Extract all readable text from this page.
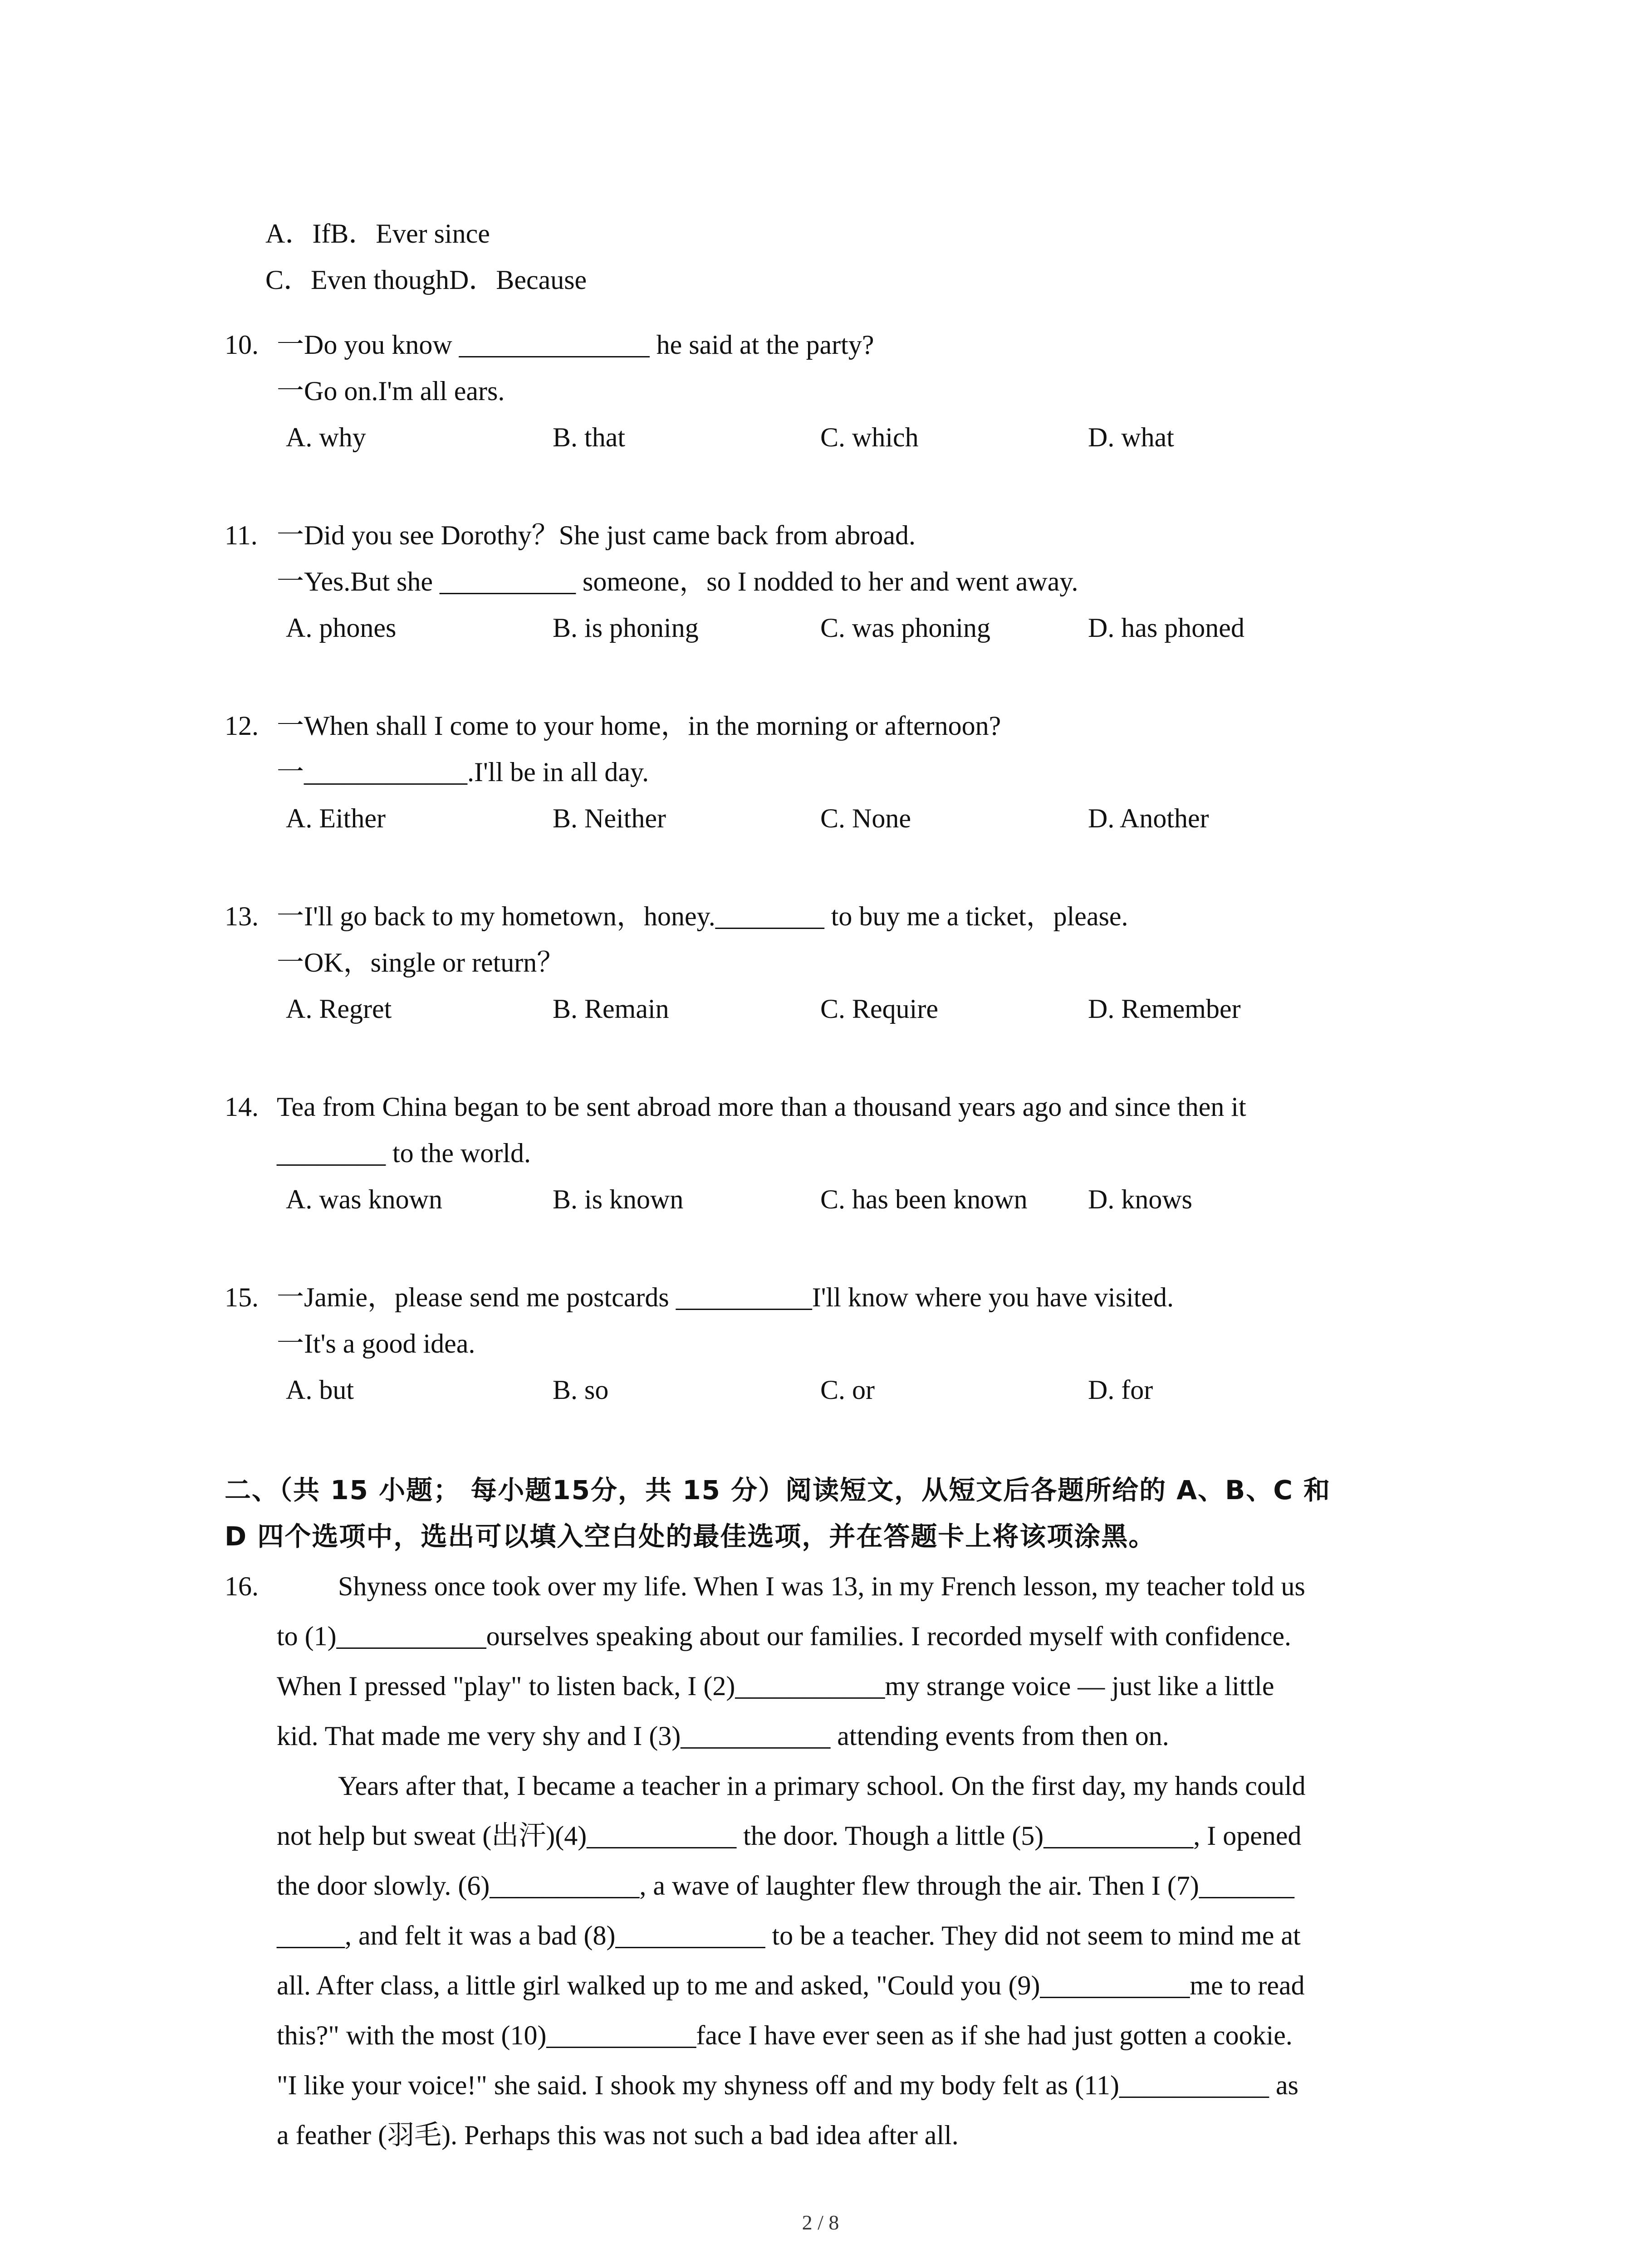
A．IfB．Ever since
C．Even thoughD．Because
10. 一Do you know ______________ he said at the party?
一Go on.I'm all ears.
A. why	B. that	C. which	D. what
11. 一Did you see Dorothy？She just came back from abroad.
一Yes.But she __________ someone，so I nodded to her and went away.
A. phones	B. is phoning	C. was phoning	D. has phoned
12. 一When shall I come to your home，in the morning or afternoon?
一____________.I'll be in all day.
A. Either	B. Neither	C. None	D. Another
13. 一I'll go back to my hometown，honey.________ to buy me a ticket，please.
一OK，single or return？
A. Regret	B. Remain	C. Require	D. Remember
14. Tea from China began to be sent abroad more than a thousand years ago and since then it
________ to the world.
A. was known	B. is known	C. has been known D. knows
15. 一Jamie，please send me postcards __________I'll know where you have visited.
一It's a good idea.
A. but	B. so	C. or	D. for
二、（共 15 小题； 每小题15分，共 15 分）阅读短文，从短文后各题所给的 A、B、C 和
D 四个选项中，选出可以填入空白处的最佳选项，并在答题卡上将该项涂黑。
16.	Shyness once took over my life. When I was 13, in my French lesson, my teacher told us
to (1)___________ourselves speaking about our families. I recorded myself with confidence.
When I pressed "play" to listen back, I (2)___________my strange voice — just like a little
kid. That made me very shy and I (3)___________ attending events from then on.
Years after that, I became a teacher in a primary school. On the first day, my hands could
not help but sweat (出汗)(4)___________ the door. Though a little (5)___________, I opened
the door slowly. (6)___________, a wave of laughter flew through the air. Then I (7)_______
_____, and felt it was a bad (8)___________ to be a teacher. They did not seem to mind me at
all. After class, a little girl walked up to me and asked, "Could you (9)___________me to read
this?" with the most (10)___________face I have ever seen as if she had just gotten a cookie.
"I like your voice!" she said. I shook my shyness off and my body felt as (11)___________ as
a feather (羽毛). Perhaps this was not such a bad idea after all.
2 / 8
